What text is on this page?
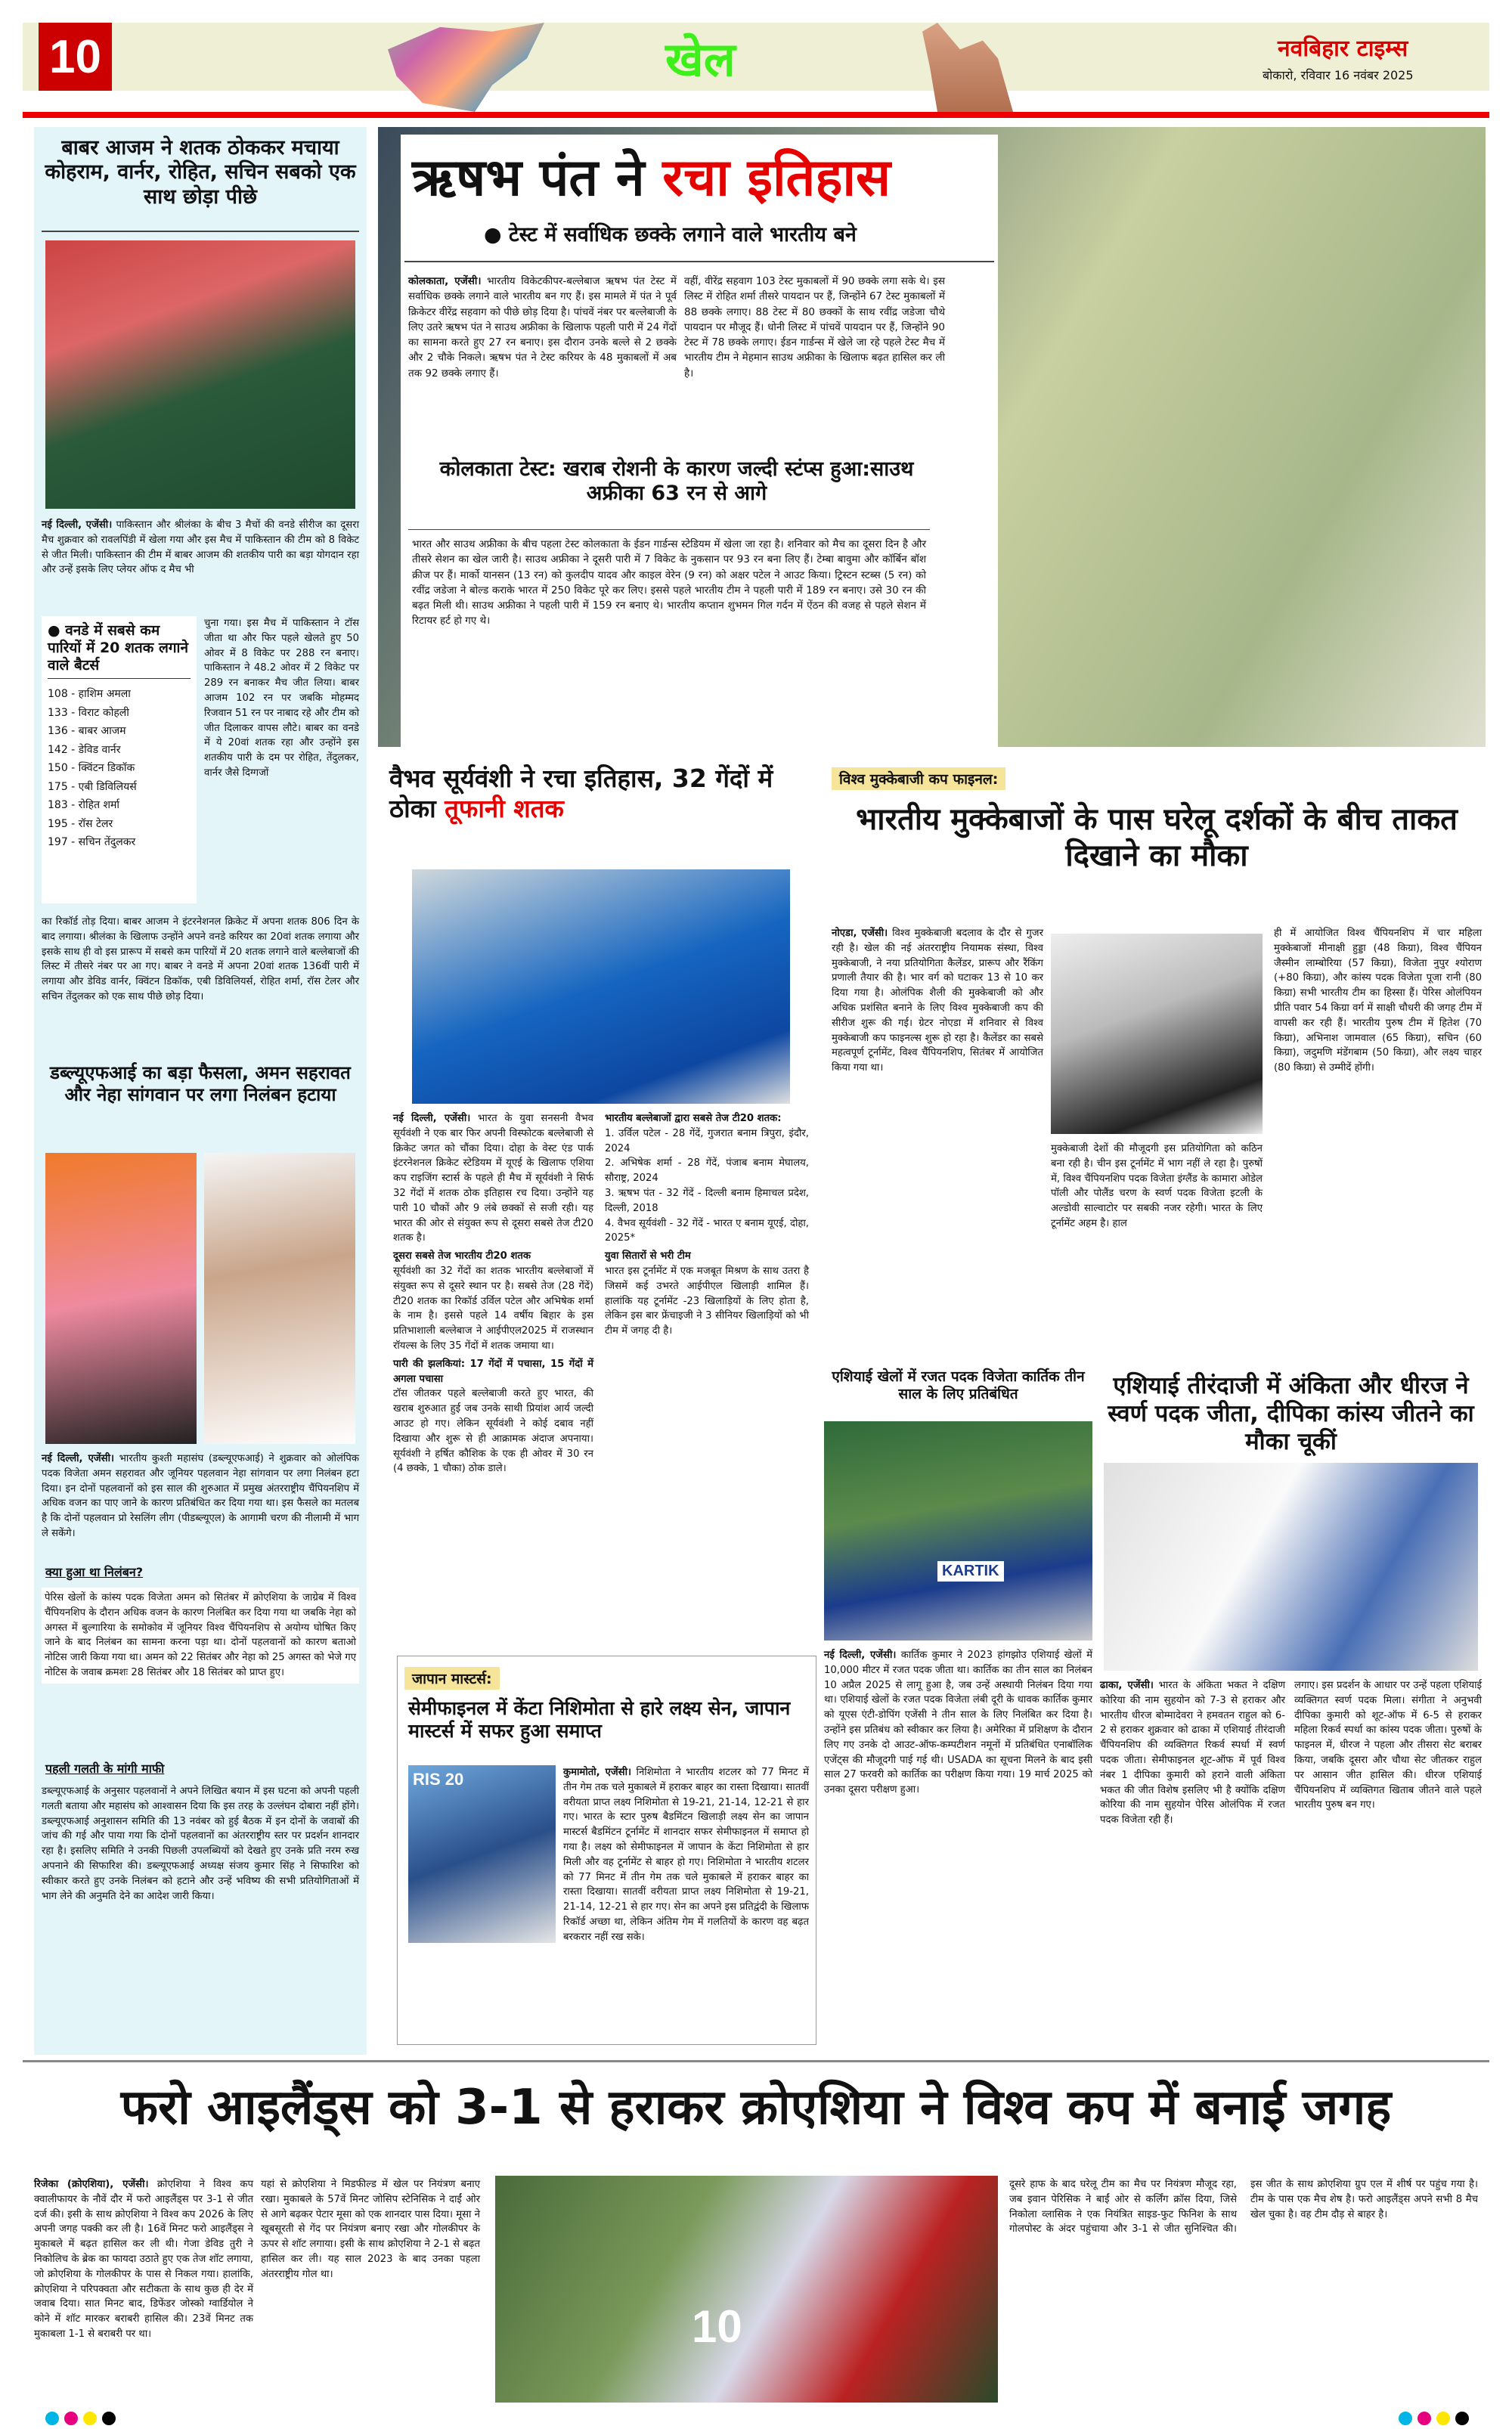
10	खेल	नवबिहार टाइम्स
बोकारो, रविवार 16 नवंबर 2025
बाबर आजम ने शतक ठोककर मचाया कोहराम, वार्नर, रोहित, सचिन सबको एक साथ छोड़ा पीछे
नई दिल्ली, एजेंसी। पाकिस्तान और श्रीलंका के बीच 3 मैचों की वनडे सीरीज का दूसरा मैच शुक्रवार को रावलपिंडी में खेला गया और इस मैच में पाकिस्तान की टीम को 8 विकेट से जीत मिली। पाकिस्तान की टीम में बाबर आजम की शतकीय पारी का बड़ा योगदान रहा और उन्हें इसके लिए प्लेयर ऑफ द मैच भी
● वनडे में सबसे कम पारियों में 20 शतक लगाने वाले बैटर्स
108 - हाशिम अमला
133 - विराट कोहली
136 - बाबर आजम
142 - डेविड वार्नर
150 - क्विंटन डिकॉक
175 - एबी डिविलियर्स
183 - रोहित शर्मा
195 - रॉस टेलर
197 - सचिन तेंदुलकर
चुना गया। इस मैच में पाकिस्तान ने टॉस जीता था और फिर पहले खेलते हुए 50 ओवर में 8 विकेट पर 288 रन बनाए। पाकिस्तान ने 48.2 ओवर में 2 विकेट पर 289 रन बनाकर मैच जीत लिया। बाबर आजम 102 रन पर जबकि मोहम्मद रिजवान 51 रन पर नाबाद रहे और टीम को जीत दिलाकर वापस लौटे। बाबर का वनडे में ये 20वां शतक रहा और उन्होंने इस शतकीय पारी के दम पर रोहित, तेंदुलकर, वार्नर जैसे दिग्गजों
का रिकॉर्ड तोड़ दिया। बाबर आजम ने इंटरनेशनल क्रिकेट में अपना शतक 806 दिन के बाद लगाया। श्रीलंका के खिलाफ उन्होंने अपने वनडे करियर का 20वां शतक लगाया और इसके साथ ही वो इस प्रारूप में सबसे कम पारियों में 20 शतक लगाने वाले बल्लेबाजों की लिस्ट में तीसरे नंबर पर आ गए। बाबर ने वनडे में अपना 20वां शतक 136वीं पारी में लगाया और डेविड वार्नर, क्विंटन डिकॉक, एबी डिविलियर्स, रोहित शर्मा, रॉस टेलर और सचिन तेंदुलकर को एक साथ पीछे छोड़ दिया।
डब्ल्यूएफआई का बड़ा फैसला, अमन सहरावत और नेहा सांगवान पर लगा निलंबन हटाया
नई दिल्ली, एजेंसी। भारतीय कुश्ती महासंघ (डब्ल्यूएफआई) ने शुक्रवार को ओलंपिक पदक विजेता अमन सहरावत और जूनियर पहलवान नेहा सांगवान पर लगा निलंबन हटा दिया। इन दोनों पहलवानों को इस साल की शुरुआत में प्रमुख अंतरराष्ट्रीय चैंपियनशिप में अधिक वजन का पाए जाने के कारण प्रतिबंधित कर दिया गया था। इस फैसले का मतलब है कि दोनों पहलवान प्रो रेसलिंग लीग (पीडब्ल्यूएल) के आगामी चरण की नीलामी में भाग ले सकेंगे।
क्या हुआ था निलंबन?
पेरिस खेलों के कांस्य पदक विजेता अमन को सितंबर में क्रोएशिया के जाग्रेब में विश्व चैंपियनशिप के दौरान अधिक वजन के कारण निलंबित कर दिया गया था जबकि नेहा को अगस्त में बुल्गारिया के समोकोव में जूनियर विश्व चैंपियनशिप से अयोग्य घोषित किए जाने के बाद निलंबन का सामना करना पड़ा था। दोनों पहलवानों को कारण बताओ नोटिस जारी किया गया था। अमन को 22 सितंबर और नेहा को 25 अगस्त को भेजे गए नोटिस के जवाब क्रमशः 28 सितंबर और 18 सितंबर को प्राप्त हुए।
पहली गलती के मांगी माफी
डब्ल्यूएफआई के अनुसार पहलवानों ने अपने लिखित बयान में इस घटना को अपनी पहली गलती बताया और महासंघ को आश्वासन दिया कि इस तरह के उल्लंघन दोबारा नहीं होंगे। डब्ल्यूएफआई अनुशासन समिति की 13 नवंबर को हुई बैठक में इन दोनों के जवाबों की जांच की गई और पाया गया कि दोनों पहलवानों का अंतरराष्ट्रीय स्तर पर प्रदर्शन शानदार रहा है। इसलिए समिति ने उनकी पिछली उपलब्धियों को देखते हुए उनके प्रति नरम रुख अपनाने की सिफारिश की। डब्ल्यूएफआई अध्यक्ष संजय कुमार सिंह ने सिफारिश को स्वीकार करते हुए उनके निलंबन को हटाने और उन्हें भविष्य की सभी प्रतियोगिताओं में भाग लेने की अनुमति देने का आदेश जारी किया।
ऋषभ पंत ने रचा इतिहास
● टेस्ट में सर्वाधिक छक्के लगाने वाले भारतीय बने
कोलकाता, एजेंसी। भारतीय विकेटकीपर-बल्लेबाज ऋषभ पंत टेस्ट में सर्वाधिक छक्के लगाने वाले भारतीय बन गए हैं। इस मामले में पंत ने पूर्व क्रिकेटर वीरेंद्र सहवाग को पीछे छोड़ दिया है। पांचवें नंबर पर बल्लेबाजी के लिए उतरे ऋषभ पंत ने साउथ अफ्रीका के खिलाफ पहली पारी में 24 गेंदों का सामना करते हुए 27 रन बनाए। इस दौरान उनके बल्ले से 2 छक्के और 2 चौके निकले। ऋषभ पंत ने टेस्ट करियर के 48 मुकाबलों में अब तक 92 छक्के लगाए हैं।
वहीं, वीरेंद्र सहवाग 103 टेस्ट मुकाबलों में 90 छक्के लगा सके थे। इस लिस्ट में रोहित शर्मा तीसरे पायदान पर हैं, जिन्होंने 67 टेस्ट मुकाबलों में 88 छक्के लगाए। 88 टेस्ट में 80 छक्कों के साथ रवींद्र जडेजा चौथे पायदान पर मौजूद हैं। धोनी लिस्ट में पांचवें पायदान पर हैं, जिन्होंने 90 टेस्ट में 78 छक्के लगाए। ईडन गार्डन्स में खेले जा रहे पहले टेस्ट मैच में भारतीय टीम ने मेहमान साउथ अफ्रीका के खिलाफ बढ़त हासिल कर ली है।
कोलकाता टेस्ट: खराब रोशनी के कारण जल्दी स्टंप्स हुआ:साउथ अफ्रीका 63 रन से आगे
भारत और साउथ अफ्रीका के बीच पहला टेस्ट कोलकाता के ईडन गार्डन्स स्टेडियम में खेला जा रहा है। शनिवार को मैच का दूसरा दिन है और तीसरे सेशन का खेल जारी है। साउथ अफ्रीका ने दूसरी पारी में 7 विकेट के नुकसान पर 93 रन बना लिए हैं। टेम्बा बावुमा और कॉर्बिन बॉश क्रीज पर हैं। मार्को यानसन (13 रन) को कुलदीप यादव और काइल वेरेन (9 रन) को अक्षर पटेल ने आउट किया। ट्रिस्टन स्टब्स (5 रन) को रवींद्र जडेजा ने बोल्ड कराके भारत में 250 विकेट पूरे कर लिए। इससे पहले भारतीय टीम ने पहली पारी में 189 रन बनाए। उसे 30 रन की बढ़त मिली थी। साउथ अफ्रीका ने पहली पारी में 159 रन बनाए थे। भारतीय कप्तान शुभमन गिल गर्दन में ऐंठन की वजह से पहले सेशन में रिटायर हर्ट हो गए थे।
वैभव सूर्यवंशी ने रचा इतिहास, 32 गेंदों में ठोका तूफानी शतक
नई दिल्ली, एजेंसी। भारत के युवा सनसनी वैभव सूर्यवंशी ने एक बार फिर अपनी विस्फोटक बल्लेबाजी से क्रिकेट जगत को चौंका दिया। दोहा के वेस्ट एंड पार्क इंटरनेशनल क्रिकेट स्टेडियम में यूएई के खिलाफ एशिया कप राइजिंग स्टार्स के पहले ही मैच में सूर्यवंशी ने सिर्फ 32 गेंदों में शतक ठोक इतिहास रच दिया। उन्होंने यह पारी 10 चौकों और 9 लंबे छक्कों से सजी रही। यह भारत की ओर से संयुक्त रूप से दूसरा सबसे तेज टी20 शतक है।
दूसरा सबसे तेज भारतीय टी20 शतक
सूर्यवंशी का 32 गेंदों का शतक भारतीय बल्लेबाजों में संयुक्त रूप से दूसरे स्थान पर है। सबसे तेज (28 गेंदें) टी20 शतक का रिकॉर्ड उर्विल पटेल और अभिषेक शर्मा के नाम है। इससे पहले 14 वर्षीय बिहार के इस प्रतिभाशाली बल्लेबाज ने आईपीएल2025 में राजस्थान रॉयल्स के लिए 35 गेंदों में शतक जमाया था।
पारी की झलकियां: 17 गेंदों में पचासा, 15 गेंदों में अगला पचासा
टॉस जीतकर पहले बल्लेबाजी करते हुए भारत, की खराब शुरुआत हुई जब उनके साथी प्रियांश आर्य जल्दी आउट हो गए। लेकिन सूर्यवंशी ने कोई दबाव नहीं दिखाया और शुरू से ही आक्रामक अंदाज अपनाया। सूर्यवंशी ने हर्षित कौशिक के एक ही ओवर में 30 रन (4 छक्के, 1 चौका) ठोक डाले।
भारतीय बल्लेबाजों द्वारा सबसे तेज टी20 शतक:
1. उर्विल पटेल - 28 गेंदें, गुजरात बनाम त्रिपुरा, इंदौर, 2024
2. अभिषेक शर्मा - 28 गेंदें, पंजाब बनाम मेघालय, सौराष्ट्र, 2024
3. ऋषभ पंत - 32 गेंदें - दिल्ली बनाम हिमाचल प्रदेश, दिल्ली, 2018
4. वैभव सूर्यवंशी - 32 गेंदें - भारत ए बनाम यूएई, दोहा, 2025*
युवा सितारों से भरी टीम
भारत इस टूर्नामेंट में एक मजबूत मिश्रण के साथ उतरा है जिसमें कई उभरते आईपीएल खिलाड़ी शामिल हैं। हालांकि यह टूर्नामेंट -23 खिलाड़ियों के लिए होता है, लेकिन इस बार फ्रेंचाइजी ने 3 सीनियर खिलाड़ियों को भी टीम में जगह दी है।
जापान मास्टर्स:
सेमीफाइनल में केंटा निशिमोता से हारे लक्ष्य सेन, जापान मास्टर्स में सफर हुआ समाप्त
RIS 20	कुमामोतो, एजेंसी। निशिमोता ने भारतीय शटलर को 77 मिनट में तीन गेम तक चले मुकाबले में हराकर बाहर का रास्ता दिखाया। सातवीं वरीयता प्राप्त लक्ष्य निशिमोता से 19-21, 21-14, 12-21 से हार गए। भारत के स्टार पुरुष बैडमिंटन खिलाड़ी लक्ष्य सेन का जापान मास्टर्स बैडमिंटन टूर्नामेंट में शानदार सफर सेमीफाइनल में समाप्त हो गया है। लक्ष्य को सेमीफाइनल में जापान के केंटा निशिमोता से हार मिली और वह टूर्नामेंट से बाहर हो गए। निशिमोता ने भारतीय शटलर को 77 मिनट में तीन गेम तक चले मुकाबले में हराकर बाहर का रास्ता दिखाया। सातवीं वरीयता प्राप्त लक्ष्य निशिमोता से 19-21, 21-14, 12-21 से हार गए। सेन का अपने इस प्रतिद्वंदी के खिलाफ रिकॉर्ड अच्छा था, लेकिन अंतिम गेम में गलतियों के कारण वह बढ़त बरकरार नहीं रख सके।
विश्व मुक्केबाजी कप फाइनल:
भारतीय मुक्केबाजों के पास घरेलू दर्शकों के बीच ताकत दिखाने का मौका
नोएडा, एजेंसी। विश्व मुक्केबाजी बदलाव के दौर से गुजर रही है। खेल की नई अंतरराष्ट्रीय नियामक संस्था, विश्व मुक्केबाजी, ने नया प्रतियोगिता कैलेंडर, प्रारूप और रैंकिंग प्रणाली तैयार की है। भार वर्ग को घटाकर 13 से 10 कर दिया गया है। ओलंपिक शैली की मुक्केबाजी को और अधिक प्रशंसित बनाने के लिए विश्व मुक्केबाजी कप की सीरीज शुरू की गई। ग्रेटर नोएडा में शनिवार से विश्व मुक्केबाजी कप फाइनल्स शुरू हो रहा है। कैलेंडर का सबसे महत्वपूर्ण टूर्नामेंट, विश्व चैंपियनशिप, सितंबर में आयोजित किया गया था।
मुक्केबाजी देशों की मौजूदगी इस प्रतियोगिता को कठिन बना रही है। चीन इस टूर्नामेंट में भाग नहीं ले रहा है। पुरुषों में, विश्व चैंपियनशिप पदक विजेता इंग्लैंड के कामारा ओडेल पॉली और पोलैंड चरण के स्वर्ण पदक विजेता इटली के अल्डोवी साल्वाटोर पर सबकी नजर रहेगी। भारत के लिए टूर्नामेंट अहम है। हाल
ही में आयोजित विश्व चैंपियनशिप में चार महिला मुक्केबाजों मीनाक्षी हुड्डा (48 किग्रा), विश्व चैंपियन जैस्मीन लाम्बोरिया (57 किग्रा), विजेता नुपुर श्योराण (+80 किग्रा), और कांस्य पदक विजेता पूजा रानी (80 किग्रा) सभी भारतीय टीम का हिस्सा हैं। पेरिस ओलंपियन प्रीति पवार 54 किग्रा वर्ग में साक्षी चौधरी की जगह टीम में वापसी कर रही हैं। भारतीय पुरुष टीम में हितेश (70 किग्रा), अभिनाश जामवाल (65 किग्रा), सचिन (60 किग्रा), जदुमणि मंडेंगबाम (50 किग्रा), और लक्ष्य चाहर (80 किग्रा) से उम्मीदें होंगी।
एशियाई खेलों में रजत पदक विजेता कार्तिक तीन साल के लिए प्रतिबंधित
KARTIK
नई दिल्ली, एजेंसी। कार्तिक कुमार ने 2023 हांगझोउ एशियाई खेलों में 10,000 मीटर में रजत पदक जीता था। कार्तिक का तीन साल का निलंबन 10 अप्रैल 2025 से लागू हुआ है, जब उन्हें अस्थायी निलंबन दिया गया था। एशियाई खेलों के रजत पदक विजेता लंबी दूरी के धावक कार्तिक कुमार को यूएस एंटी-डोपिंग एजेंसी ने तीन साल के लिए निलंबित कर दिया है। उन्होंने इस प्रतिबंध को स्वीकार कर लिया है। अमेरिका में प्रशिक्षण के दौरान लिए गए उनके दो आउट-ऑफ-कम्पटीशन नमूनों में प्रतिबंधित एनाबॉलिक एजेंट्स की मौजूदगी पाई गई थी। USADA का सूचना मिलने के बाद इसी साल 27 फरवरी को कार्तिक का परीक्षण किया गया। 19 मार्च 2025 को उनका दूसरा परीक्षण हुआ।
एशियाई तीरंदाजी में अंकिता और धीरज ने स्वर्ण पदक जीता, दीपिका कांस्य जीतने का मौका चूकीं
ढाका, एजेंसी। भारत के अंकिता भकत ने दक्षिण कोरिया की नाम सुहयोन को 7-3 से हराकर और भारतीय धीरज बोम्मादेवरा ने हमवतन राहुल को 6-2 से हराकर शुक्रवार को ढाका में एशियाई तीरंदाजी चैंपियनशिप की व्यक्तिगत रिकर्व स्पर्धा में स्वर्ण पदक जीता। सेमीफाइनल शूट-ऑफ में पूर्व विश्व नंबर 1 दीपिका कुमारी को हराने वाली अंकिता भकत की जीत विशेष इसलिए भी है क्योंकि दक्षिण कोरिया की नाम सुहयोन पेरिस ओलंपिक में रजत पदक विजेता रही हैं।
लगाए। इस प्रदर्शन के आधार पर उन्हें पहला एशियाई व्यक्तिगत स्वर्ण पदक मिला। संगीता ने अनुभवी दीपिका कुमारी को शूट-ऑफ में 6-5 से हराकर महिला रिकर्व स्पर्धा का कांस्य पदक जीता। पुरुषों के फाइनल में, धीरज ने पहला और तीसरा सेट बराबर किया, जबकि दूसरा और चौथा सेट जीतकर राहुल पर आसान जीत हासिल की। धीरज एशियाई चैंपियनशिप में व्यक्तिगत खिताब जीतने वाले पहले भारतीय पुरुष बन गए।
फरो आइलैंड्स को 3-1 से हराकर क्रोएशिया ने विश्व कप में बनाई जगह
रिजेका (क्रोएशिया), एजेंसी। क्रोएशिया ने विश्व कप क्वालीफायर के नौवें दौर में फरो आइलैंड्स पर 3-1 से जीत दर्ज की। इसी के साथ क्रोएशिया ने विश्व कप 2026 के लिए अपनी जगह पक्की कर ली है। 16वें मिनट फरो आइलैंड्स ने मुकाबले में बढ़त हासिल कर ली थी। गेजा डेविड तुरी ने निकोलिच के ब्रेक का फायदा उठाते हुए एक तेज शॉट लगाया, जो क्रोएशिया के गोलकीपर के पास से निकल गया। हालांकि, क्रोएशिया ने परिपक्वता और सटीकता के साथ कुछ ही देर में जवाब दिया। सात मिनट बाद, डिफेंडर जोस्को ग्वार्डियोल ने कोने में शॉट मारकर बराबरी हासिल की। 23वें मिनट तक मुकाबला 1-1 से बराबरी पर था।
यहां से क्रोएशिया ने मिडफील्ड में खेल पर नियंत्रण बनाए रखा। मुकाबले के 57वें मिनट जोसिप स्टेनिसिक ने दाईं ओर से आगे बढ़कर पेटार मूसा को एक शानदार पास दिया। मूसा ने खूबसूरती से गेंद पर नियंत्रण बनाए रखा और गोलकीपर के ऊपर से शॉट लगाया। इसी के साथ क्रोएशिया ने 2-1 से बढ़त हासिल कर ली। यह साल 2023 के बाद उनका पहला अंतरराष्ट्रीय गोल था।
10
दूसरे हाफ के बाद घरेलू टीम का मैच पर नियंत्रण मौजूद रहा, जब इवान पेरिसिक ने बाईं ओर से कर्लिंग क्रॉस दिया, जिसे निकोला व्लासिक ने एक नियंत्रित साइड-फुट फिनिश के साथ गोलपोस्ट के अंदर पहुंचाया और 3-1 से जीत सुनिश्चित की। इस जीत के साथ क्रोएशिया ग्रुप एल में शीर्ष पर पहुंच गया है। टीम के पास एक मैच शेष है। फरो आइलैंड्स अपने सभी 8 मैच खेल चुका है। वह टीम दौड़ से बाहर है।
